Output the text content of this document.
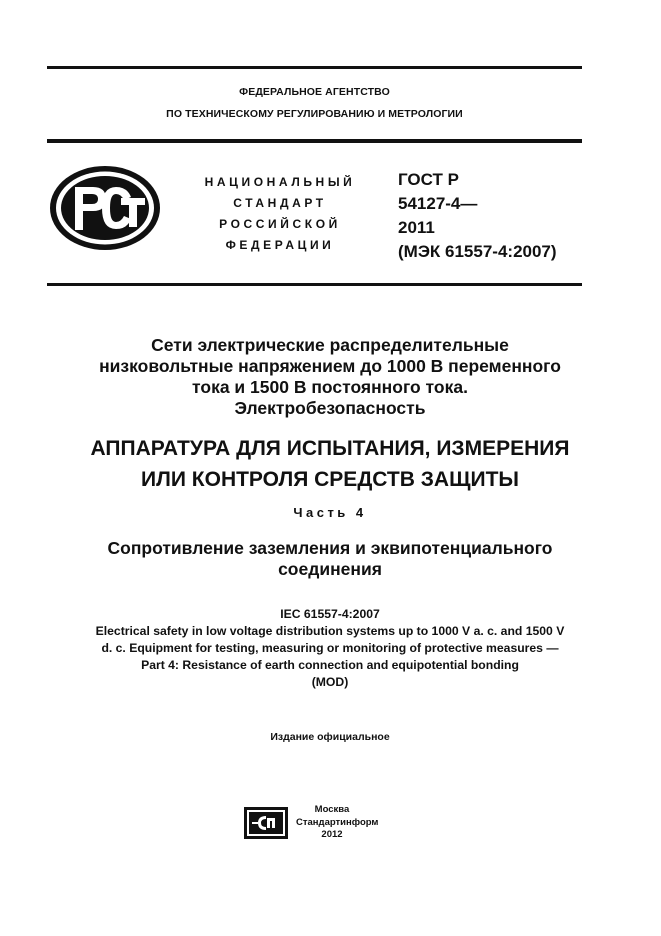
ФЕДЕРАЛЬНОЕ АГЕНТСТВО
ПО ТЕХНИЧЕСКОМУ РЕГУЛИРОВАНИЮ И МЕТРОЛОГИИ
НАЦИОНАЛЬНЫЙ
СТАНДАРТ
РОССИЙСКОЙ
ФЕДЕРАЦИИ
ГОСТ Р
54127-4—
2011
(МЭК 61557-4:2007)
Сети электрические распределительные
низковольтные напряжением до 1000 В переменного
тока и 1500 В постоянного тока.
Электробезопасность
АППАРАТУРА ДЛЯ ИСПЫТАНИЯ, ИЗМЕРЕНИЯ
ИЛИ КОНТРОЛЯ СРЕДСТВ ЗАЩИТЫ
Часть 4
Сопротивление заземления и эквипотенциального
соединения
IEC 61557-4:2007
Electrical safety in low voltage distribution systems up to 1000 V a. c. and 1500 V
d. c. Equipment for testing, measuring or monitoring of protective measures —
Part 4: Resistance of earth connection and equipotential bonding
(MOD)
Издание официальное
Москва
Стандартинформ
2012
